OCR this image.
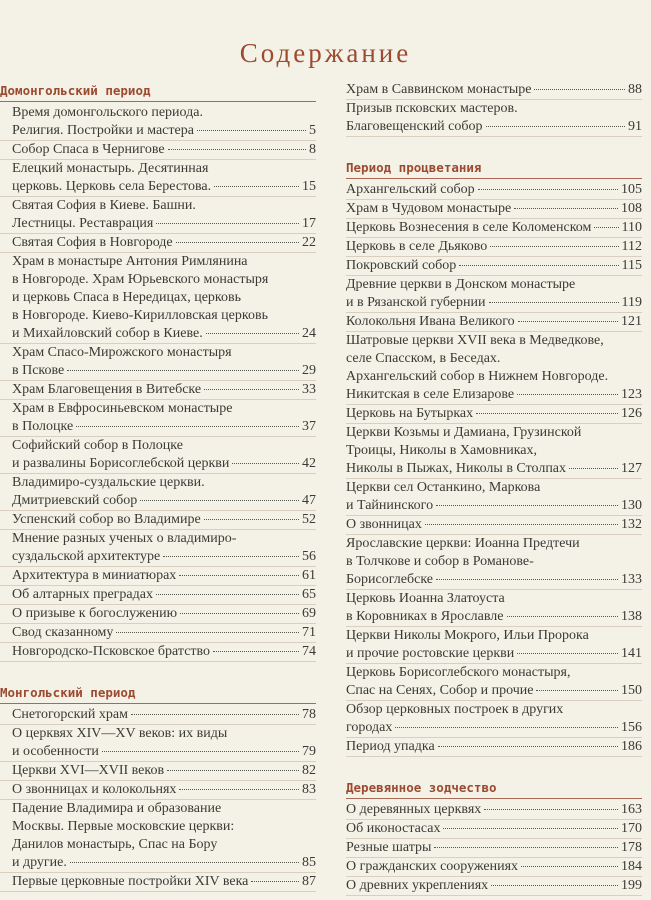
Содержание
Домонгольский период
Время домонгольского периода.
Религия. Постройки и мастера	5
Собор Спаса в Чернигове	8
Елецкий монастырь. Десятинная
церковь. Церковь села Берестова.	15
Святая София в Киеве. Башни.
Лестницы. Реставрация	17
Святая София в Новгороде	22
Храм в монастыре Антония Римлянина
в Новгороде. Храм Юрьевского монастыря
и церковь Спаса в Нередицах, церковь
в Новгороде. Киево-Кирилловская церковь
и Михайловский собор в Киеве.	24
Храм Спасо-Мирожского монастыря
в Пскове	29
Храм Благовещения в Витебске	33
Храм в Евфросиньевском монастыре
в Полоцке	37
Софийский собор в Полоцке
и развалины Борисоглебской церкви	42
Владимиро-суздальские церкви.
Дмитриевский собор	47
Успенский собор во Владимире	52
Мнение разных ученых о владимиро-
суздальской архитектуре	56
Архитектура в миниатюрах	61
Об алтарных преградах	65
О призыве к богослужению	69
Свод сказанному	71
Новгородско-Псковское братство	74
Монгольский период
Снетогорский храм	78
О церквях XIV—XV веков: их виды
и особенности	79
Церкви XVI—XVII веков	82
О звонницах и колокольнях	83
Падение Владимира и образование
Москвы. Первые московские церкви:
Данилов монастырь, Спас на Бору
и другие.	85
Первые церковные постройки XIV века	87
Храм в Саввинском монастыре	88
Призыв псковских мастеров.
Благовещенский собор	91
Период процветания
Архангельский собор	105
Храм в Чудовом монастыре	108
Церковь Вознесения в селе Коломенском 110
Церковь в селе Дьяково	112
Покровский собор	115
Древние церкви в Донском монастыре
и в Рязанской губернии	119
Колокольня Ивана Великого	121
Шатровые церкви XVII века в Медведкове,
селе Спасском, в Беседах.
Архангельский собор в Нижнем Новгороде.
Никитская в селе Елизарове	123
Церковь на Бутырках	126
Церкви Козьмы и Дамиана, Грузинской
Троицы, Николы в Хамовниках,
Николы в Пыжах, Николы в Столпах	127
Церкви сел Останкино, Маркова
и Тайнинского	130
О звонницах	132
Ярославские церкви: Иоанна Предтечи
в Толчкове и собор в Романове-
Борисоглебске	133
Церковь Иоанна Златоуста
в Коровниках в Ярославле	138
Церкви Николы Мокрого, Ильи Пророка
и прочие ростовские церкви	141
Церковь Борисоглебского монастыря,
Спас на Сенях, Собор и прочие	150
Обзор церковных построек в других
городах	156
Период упадка	186
Деревянное зодчество
О деревянных церквях	163
Об иконостасах	170
Резные шатры	178
О гражданских сооружениях	184
О древних укреплениях	199
